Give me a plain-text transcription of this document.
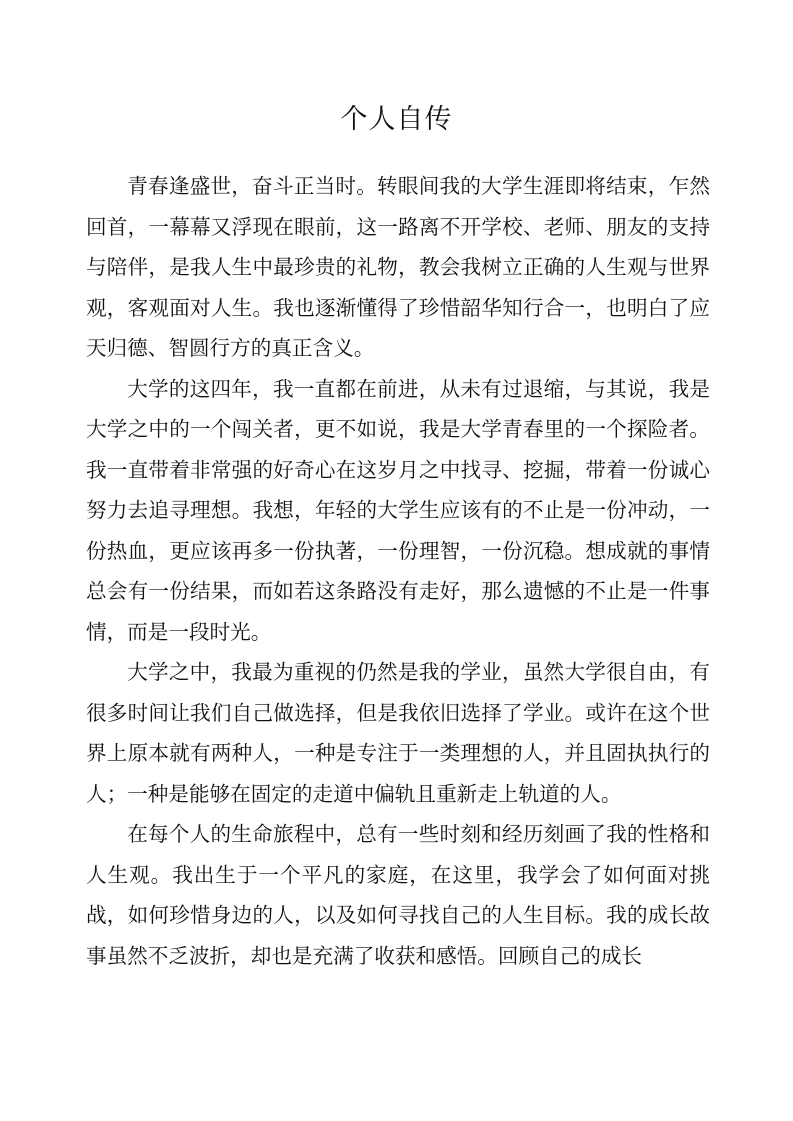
个人自传

青春逢盛世，奋斗正当时。转眼间我的大学生涯即将结束，乍然回首，一幕幕又浮现在眼前，这一路离不开学校、老师、朋友的支持与陪伴，是我人生中最珍贵的礼物，教会我树立正确的人生观与世界观，客观面对人生。我也逐渐懂得了珍惜韶华知行合一，也明白了应天归德、智圆行方的真正含义。

大学的这四年，我一直都在前进，从未有过退缩，与其说，我是大学之中的一个闯关者，更不如说，我是大学青春里的一个探险者。我一直带着非常强的好奇心在这岁月之中找寻、挖掘，带着一份诚心努力去追寻理想。我想，年轻的大学生应该有的不止是一份冲动，一份热血，更应该再多一份执著，一份理智，一份沉稳。想成就的事情总会有一份结果，而如若这条路没有走好，那么遗憾的不止是一件事情，而是一段时光。

大学之中，我最为重视的仍然是我的学业，虽然大学很自由，有很多时间让我们自己做选择，但是我依旧选择了学业。或许在这个世界上原本就有两种人，一种是专注于一类理想的人，并且固执执行的人；一种是能够在固定的走道中偏轨且重新走上轨道的人。

在每个人的生命旅程中，总有一些时刻和经历刻画了我的性格和人生观。我出生于一个平凡的家庭，在这里，我学会了如何面对挑战，如何珍惜身边的人，以及如何寻找自己的人生目标。我的成长故事虽然不乏波折，却也是充满了收获和感悟。回顾自己的成长
